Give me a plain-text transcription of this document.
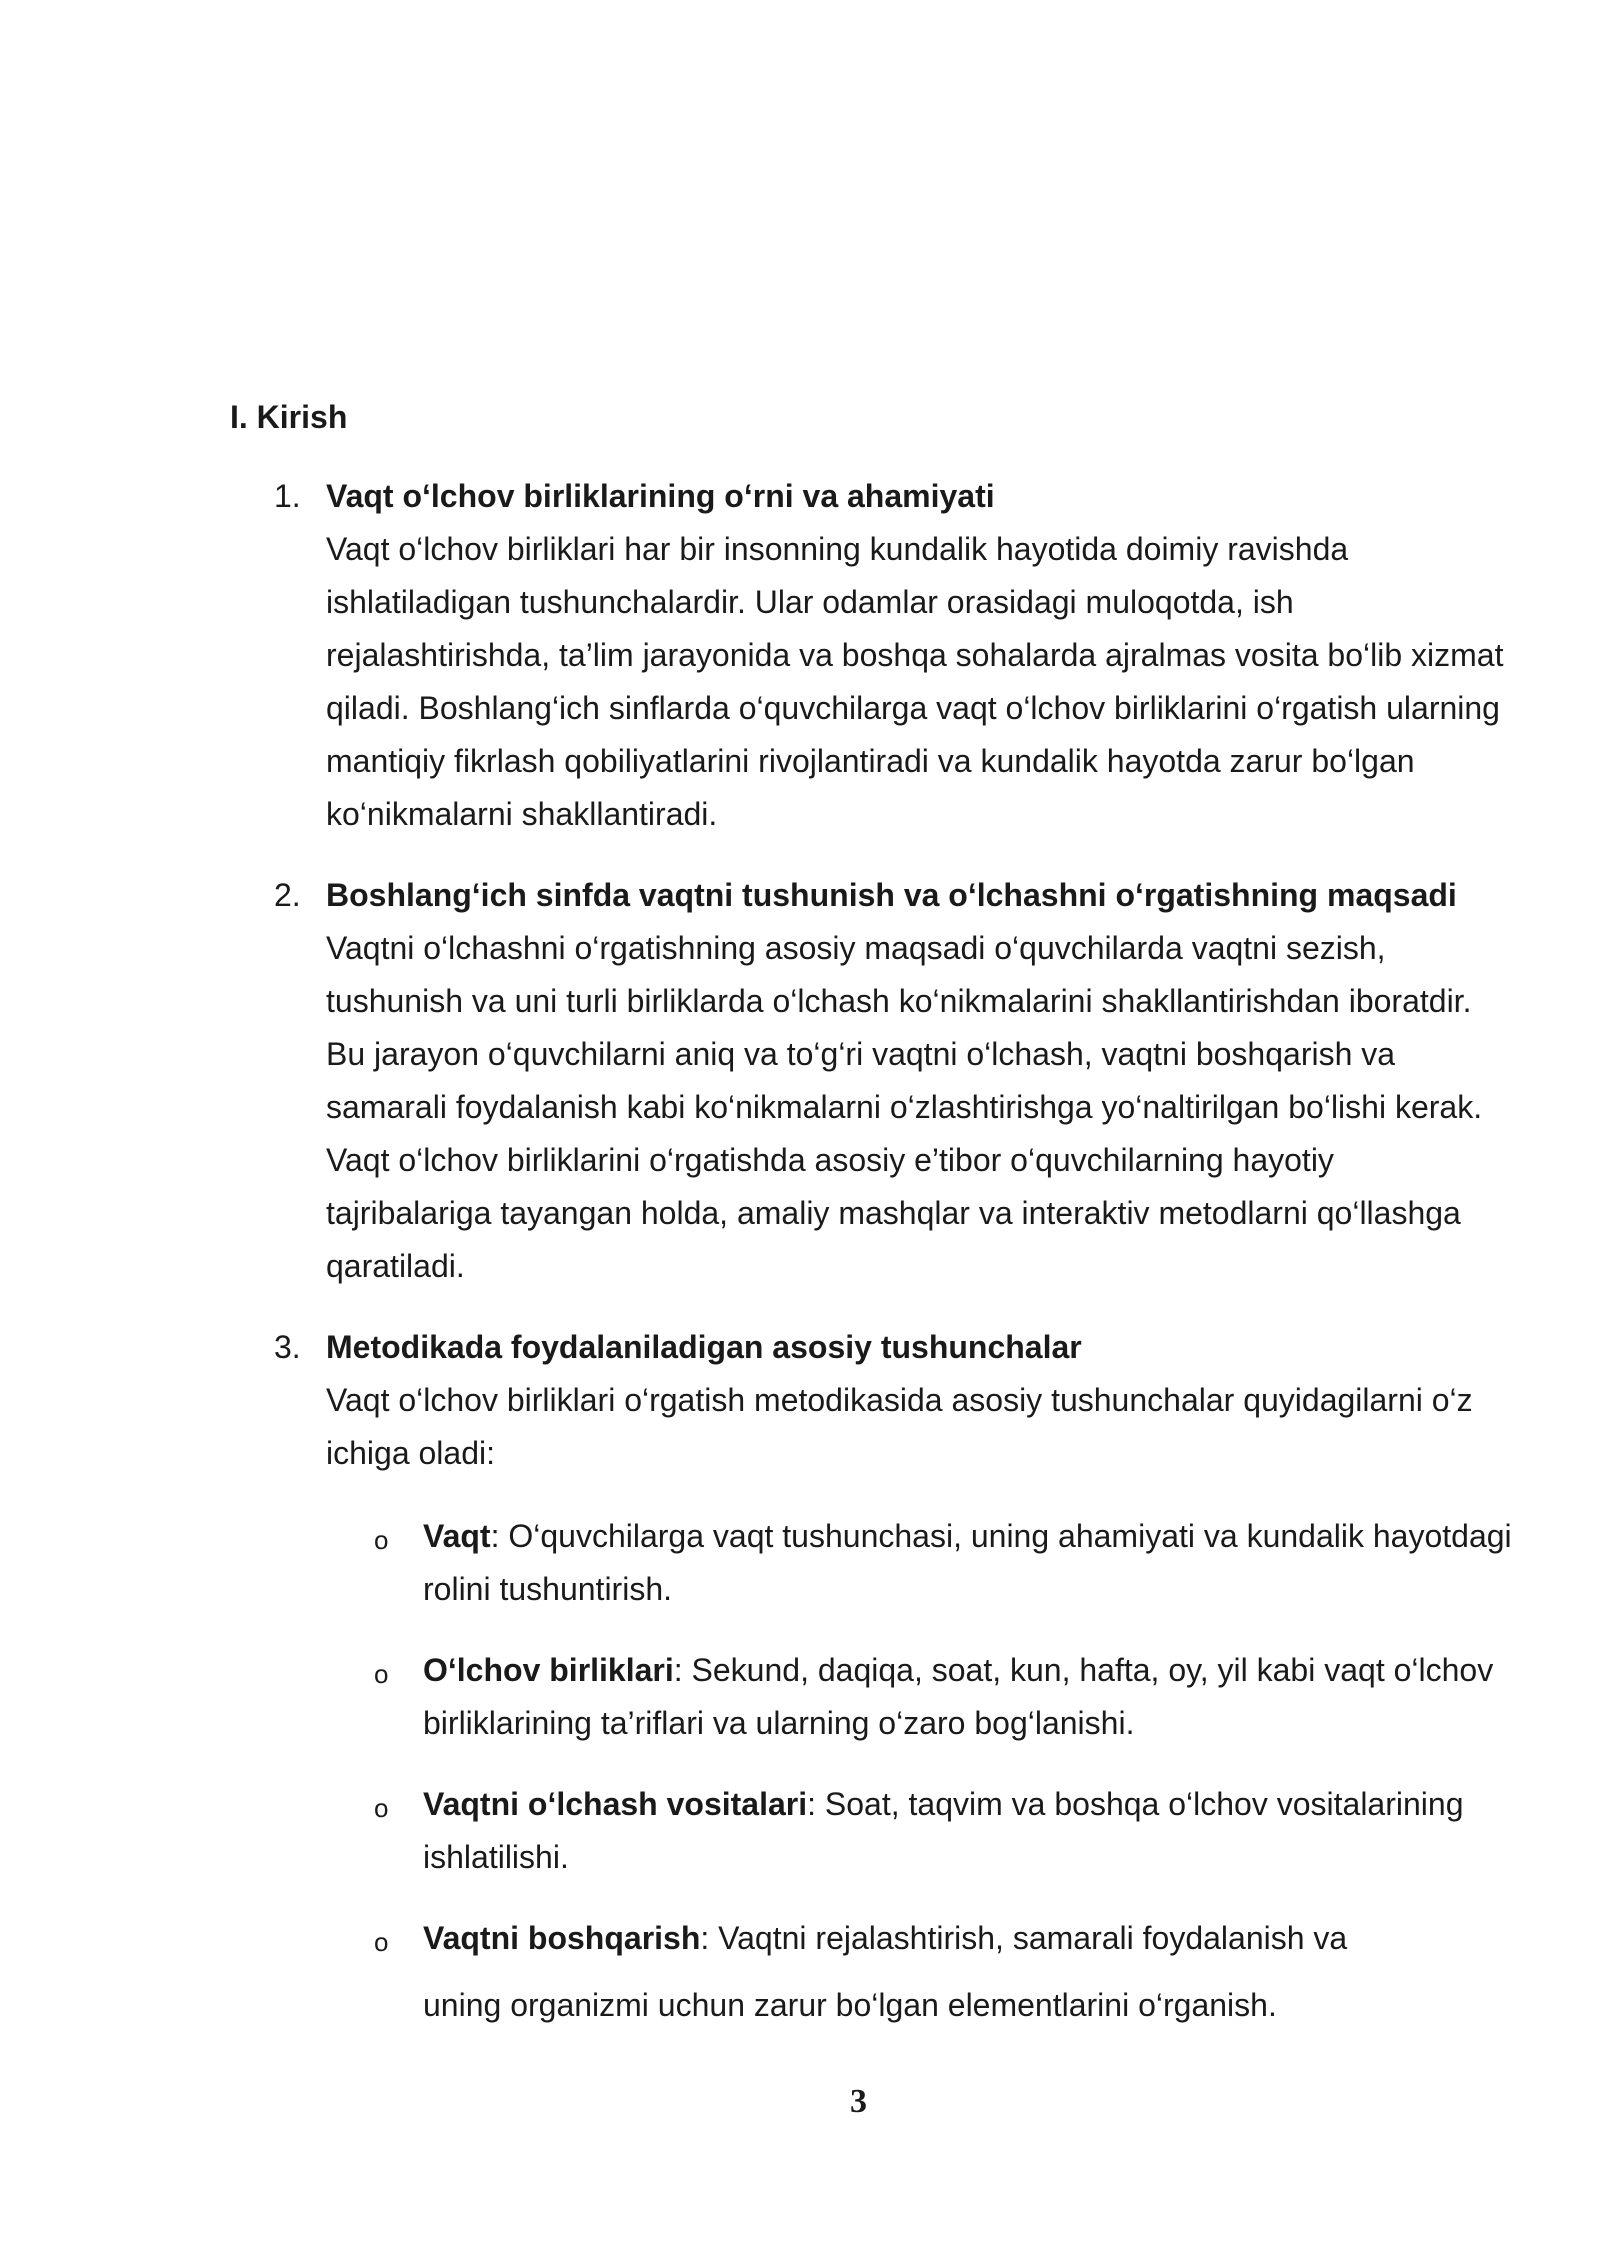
I. Kirish
1. Vaqt o‘lchov birliklarining o‘rni va ahamiyati
Vaqt o‘lchov birliklari har bir insonning kundalik hayotida doimiy ravishda ishlatiladigan tushunchalardir. Ular odamlar orasidagi muloqotda, ish rejalashtirishda, ta’lim jarayonida va boshqa sohalarda ajralmas vosita bo‘lib xizmat qiladi. Boshlang‘ich sinflarda o‘quvchilarga vaqt o‘lchov birliklarini o‘rgatish ularning mantiqiy fikrlash qobiliyatlarini rivojlantiradi va kundalik hayotda zarur bo‘lgan ko‘nikmalarni shakllantiradi.
2. Boshlang‘ich sinfda vaqtni tushunish va o‘lchashni o‘rgatishning maqsadi
Vaqtni o‘lchashni o‘rgatishning asosiy maqsadi o‘quvchilarda vaqtni sezish, tushunish va uni turli birliklarda o‘lchash ko‘nikmalarini shakllantirishdan iboratdir. Bu jarayon o‘quvchilarni aniq va to‘g‘ri vaqtni o‘lchash, vaqtni boshqarish va samarali foydalanish kabi ko‘nikmalarni o‘zlashtirishga yo‘naltirilgan bo‘lishi kerak. Vaqt o‘lchov birliklarini o‘rgatishda asosiy e’tibor o‘quvchilarning hayotiy tajribalariga tayangan holda, amaliy mashqlar va interaktiv metodlarni qo‘llashga qaratiladi.
3. Metodikada foydalaniladigan asosiy tushunchalar
Vaqt o‘lchov birliklari o‘rgatish metodikasida asosiy tushunchalar quyidagilarni o‘z ichiga oladi:
o Vaqt: O‘quvchilarga vaqt tushunchasi, uning ahamiyati va kundalik hayotdagi rolini tushuntirish.
o O‘lchov birliklari: Sekund, daqiqa, soat, kun, hafta, oy, yil kabi vaqt o‘lchov birliklarining ta’riflari va ularning o‘zaro bog‘lanishi.
o Vaqtni o‘lchash vositalari: Soat, taqvim va boshqa o‘lchov vositalarining ishlatilishi.
o Vaqtni boshqarish: Vaqtni rejalashtirish, samarali foydalanish va
uning organizmi uchun zarur bo‘lgan elementlarini o‘rganish.
3
